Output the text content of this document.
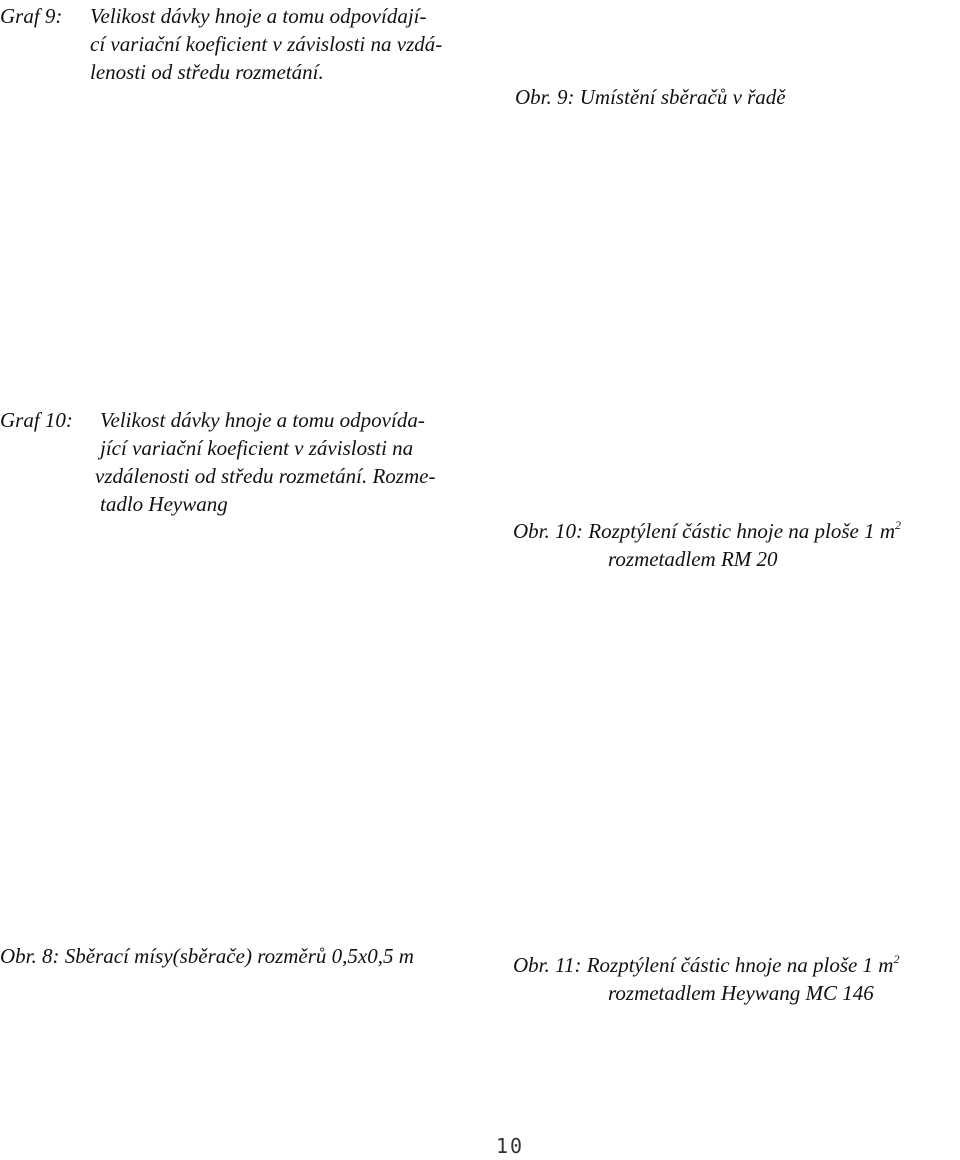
Graf 9:	Velikost dávky hnoje a tomu odpovídají-
cí variační koeficient v závislosti na vzdá-
lenosti od středu rozmetání.
Obr. 9: Umístění sběračů v řadě
Graf 10:	Velikost dávky hnoje a tomu odpovída-
jící variační koeficient v závislosti na
vzdálenosti od středu rozmetání. Rozme-
tadlo Heywang
Obr. 10: Rozptýlení částic hnoje na ploše 1 $m^2$
rozmetadlem RM 20
Obr. 8: Sběrací mísy(sběrače) rozměrů 0,5x0,5 m	Obr. 11: Rozptýlení částic hnoje na ploše 1 $m^2$
rozmetadlem Heywang MC 146
10
